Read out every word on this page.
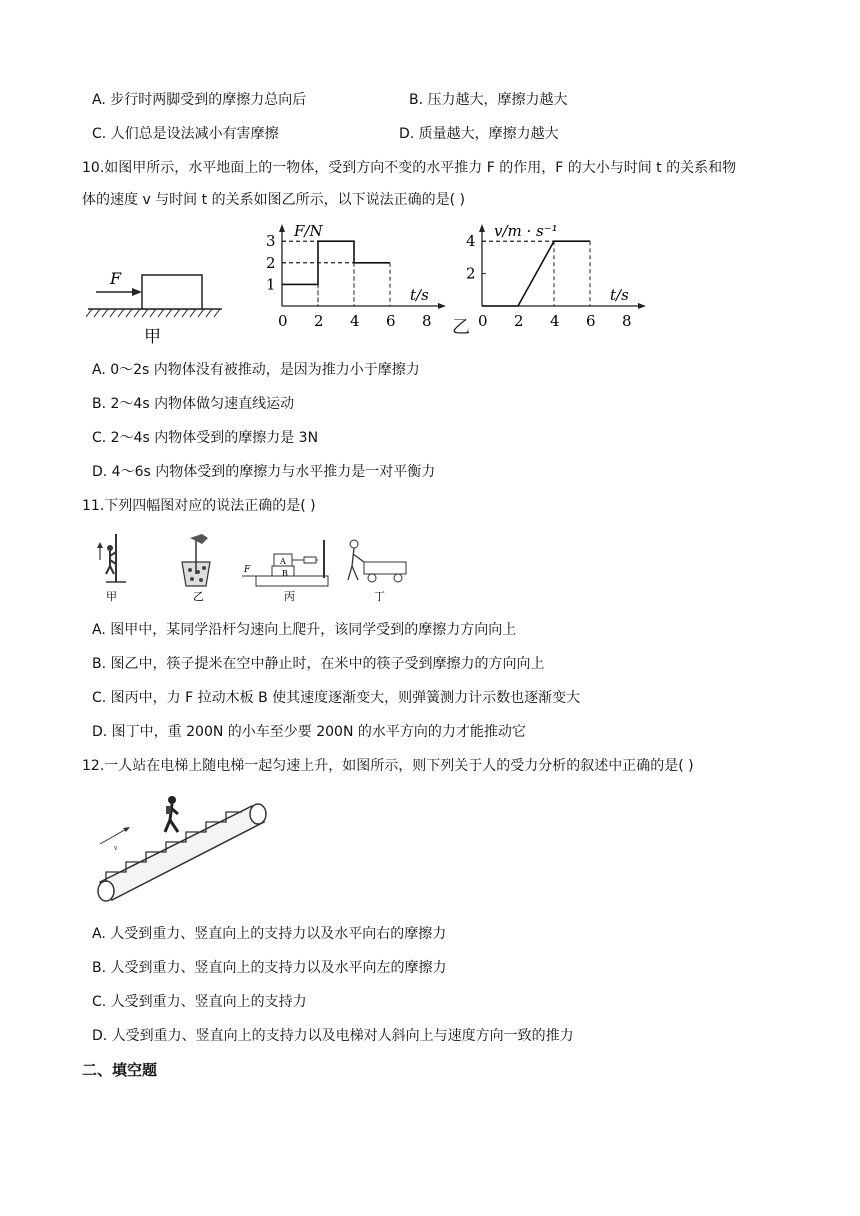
A. 步行时两脚受到的摩擦力总向后	B. 压力越大，摩擦力越大
C. 人们总是设法减小有害摩擦	D. 质量越大，摩擦力越大
10.如图甲所示，水平地面上的一物体，受到方向不变的水平推力 F 的作用，F 的大小与时间 t 的关系和物
体的速度 v 与时间 t 的关系如图乙所示，以下说法正确的是( )
F
甲
F/N
t/s
0 2 4 6 8
1
2
3
v/m · s⁻¹
t/s
0 2 4 6 8
2
4
乙
A. 0～2s 内物体没有被推动，是因为推力小于摩擦力
B. 2～4s 内物体做匀速直线运动
C. 2～4s 内物体受到的摩擦力是 3N
D. 4～6s 内物体受到的摩擦力与水平推力是一对平衡力
11.下列四幅图对应的说法正确的是( )
甲	乙
A
B
F
丙	丁
A. 图甲中，某同学沿杆匀速向上爬升，该同学受到的摩擦力方向向上
B. 图乙中，筷子提米在空中静止时，在米中的筷子受到摩擦力的方向向上
C. 图丙中，力 F 拉动木板 B 使其速度逐渐变大，则弹簧测力计示数也逐渐变大
D. 图丁中，重 200N 的小车至少要 200N 的水平方向的力才能推动它
12.一人站在电梯上随电梯一起匀速上升，如图所示，则下列关于人的受力分析的叙述中正确的是( )
v
A. 人受到重力、竖直向上的支持力以及水平向右的摩擦力
B. 人受到重力、竖直向上的支持力以及水平向左的摩擦力
C. 人受到重力、竖直向上的支持力
D. 人受到重力、竖直向上的支持力以及电梯对人斜向上与速度方向一致的推力
二、填空题
